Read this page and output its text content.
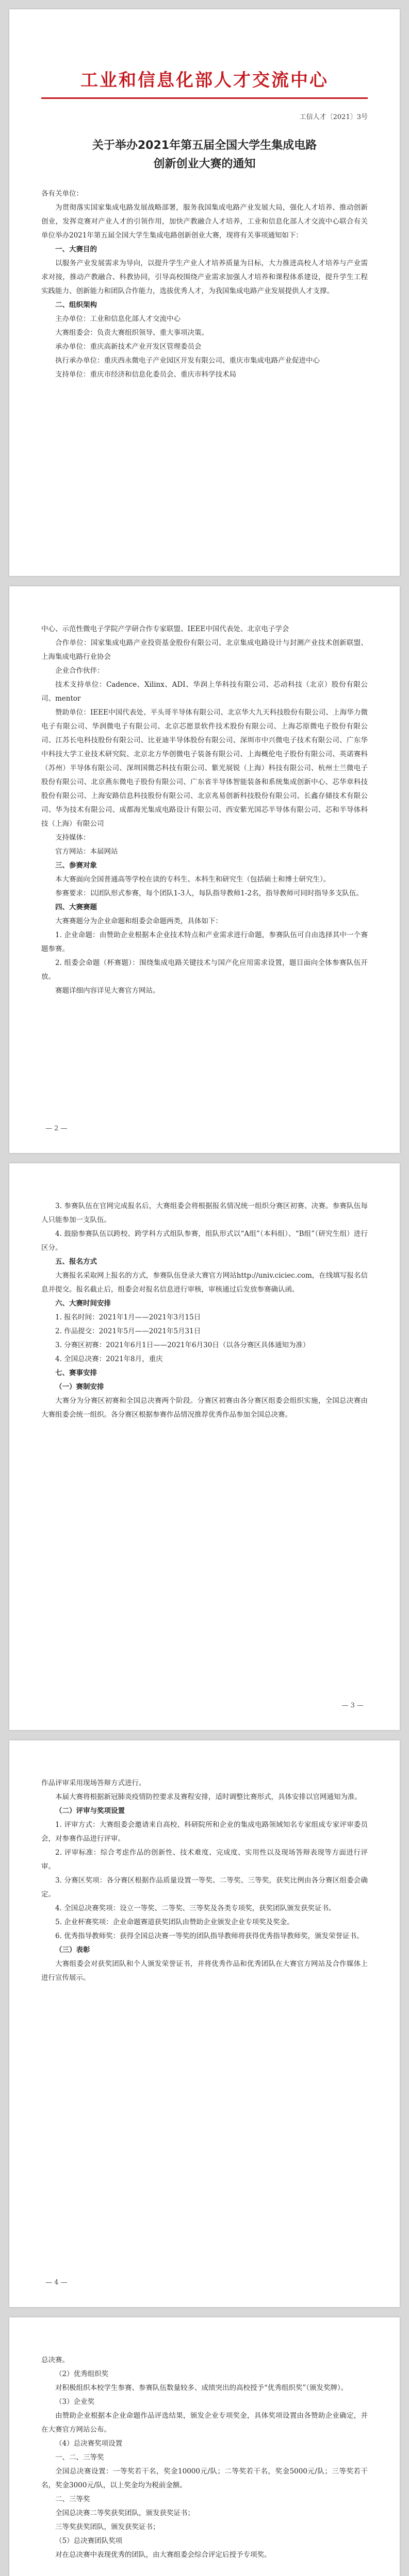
工业和信息化部人才交流中心
工信人才〔2021〕3号
关于举办2021年第五届全国大学生集成电路
创新创业大赛的通知

各有关单位：

为贯彻落实国家集成电路发展战略部署，服务我国集成电路产业发展大局，强化人才培养、推动创新创业，发挥竞赛对产业人才的引领作用，加快产教融合人才培养，工业和信息化部人才交流中心联合有关单位举办2021年第五届全国大学生集成电路创新创业大赛，现将有关事项通知如下：

一、大赛目的

以服务产业发展需求为导向，以提升学生产业人才培养质量为目标，大力推进高校人才培养与产业需求对接，推动产教融合、科教协同，引导高校围绕产业需求加强人才培养和课程体系建设，提升学生工程实践能力、创新能力和团队合作能力，选拔优秀人才，为我国集成电路产业发展提供人才支撑。

二、组织架构

主办单位：工业和信息化部人才交流中心

大赛组委会：负责大赛组织领导、重大事项决策。

承办单位：重庆高新技术产业开发区管理委员会

执行承办单位：重庆西永微电子产业园区开发有限公司、重庆市集成电路产业促进中心

支持单位：重庆市经济和信息化委员会、重庆市科学技术局

中心、示范性微电子学院产学研合作专家联盟、IEEE中国代表处、北京电子学会

合作单位：国家集成电路产业投资基金股份有限公司、北京集成电路设计与封测产业技术创新联盟、上海集成电路行业协会

企业合作伙伴：

技术支持单位：Cadence、Xilinx、ADI、华润上华科技有限公司、芯动科技（北京）股份有限公司、mentor

赞助单位：IEEE中国代表处、平头哥半导体有限公司、北京华大九天科技股份有限公司、上海华力微电子有限公司、华润微电子有限公司、北京芯愿景软件技术股份有限公司、上海芯原微电子股份有限公司、江苏长电科技股份有限公司、比亚迪半导体股份有限公司、深圳市中兴微电子技术有限公司、广东华中科技大学工业技术研究院、北京北方华创微电子装备有限公司、上海概伦电子股份有限公司、英诺赛科（苏州）半导体有限公司、深圳国微芯科技有限公司、紫光展锐（上海）科技有限公司、杭州士兰微电子股份有限公司、北京燕东微电子股份有限公司、广东省半导体智能装备和系统集成创新中心、芯华章科技股份有限公司、上海安路信息科技股份有限公司、北京兆易创新科技股份有限公司、长鑫存储技术有限公司、华为技术有限公司、成都海光集成电路设计有限公司、西安紫光国芯半导体有限公司、芯和半导体科技（上海）有限公司

支持媒体：

官方网站：本届网站

三、参赛对象

本大赛面向全国普通高等学校在读的专科生、本科生和研究生（包括硕士和博士研究生）。

参赛要求：以团队形式参赛，每个团队1-3人，每队指导教师1-2名，指导教师可同时指导多支队伍。

四、大赛赛题

大赛赛题分为企业命题和组委会命题两类，具体如下：

1. 企业命题：由赞助企业根据本企业技术特点和产业需求进行命题，参赛队伍可自由选择其中一个赛题参赛。

2. 组委会命题（杯赛题）：围绕集成电路关键技术与国产化应用需求设置，题目面向全体参赛队伍开放。

赛题详细内容详见大赛官方网站。

— 2 —

3. 参赛队伍在官网完成报名后，大赛组委会将根据报名情况统一组织分赛区初赛、决赛。参赛队伍每人只能参加一支队伍。

4. 鼓励参赛队伍以跨校、跨学科方式组队参赛，组队形式以“A组”（本科组）、“B组”（研究生组）进行区分。

五、报名方式

大赛报名采取网上报名的方式，参赛队伍登录大赛官方网站http://univ.ciciec.com，在线填写报名信息并提交。报名截止后，组委会对报名信息进行审核，审核通过后发放参赛确认函。

六、大赛时间安排

1. 报名时间：2021年1月——2021年3月15日

2. 作品提交：2021年5月——2021年5月31日

3. 分赛区初赛：2021年6月1日——2021年6月30日（以各分赛区具体通知为准）

4. 全国总决赛：2021年8月，重庆

七、赛事安排

（一）赛制安排

大赛分为分赛区初赛和全国总决赛两个阶段。分赛区初赛由各分赛区组委会组织实施，全国总决赛由大赛组委会统一组织。各分赛区根据参赛作品情况推荐优秀作品参加全国总决赛。

— 3 —

作品评审采用现场答辩方式进行。

本届大赛将根据新冠肺炎疫情防控要求及赛程安排，适时调整比赛形式，具体安排以官网通知为准。

（二）评审与奖项设置

1. 评审方式：大赛组委会邀请来自高校、科研院所和企业的集成电路领域知名专家组成专家评审委员会，对参赛作品进行评审。

2. 评审标准：综合考虑作品的创新性、技术难度、完成度、实用性以及现场答辩表现等方面进行评审。

3. 分赛区奖项：各分赛区根据作品质量设置一等奖、二等奖、三等奖，获奖比例由各分赛区组委会确定。

4. 全国总决赛奖项：设立一等奖、二等奖、三等奖及各类专项奖，获奖团队颁发获奖证书。

5. 企业杯赛奖项：企业命题赛道获奖团队由赞助企业颁发企业专项奖及奖金。

6. 优秀指导教师奖：获得全国总决赛一等奖的团队指导教师将获得优秀指导教师奖，颁发荣誉证书。

（三）表彰

大赛组委会对获奖团队和个人颁发荣誉证书，并将优秀作品和优秀团队在大赛官方网站及合作媒体上进行宣传展示。

— 4 —

总决赛。

（2）优秀组织奖

对积极组织本校学生参赛、参赛队伍数量较多、成绩突出的高校授予“优秀组织奖”（颁发奖牌）。

（3）企业奖

由赞助企业根据本企业命题作品评选结果，颁发企业专项奖金，具体奖项设置由各赞助企业确定，并在大赛官方网站公布。

（4）总决赛奖项设置

一、二、三等奖

全国总决赛设置：一等奖若干名，奖金10000元/队；二等奖若干名，奖金5000元/队；三等奖若干名，奖金3000元/队，以上奖金均为税前金额。

二、三等奖

全国总决赛二等奖获奖团队，颁发获奖证书；

三等奖获奖团队，颁发获奖证书；

（5）总决赛团队奖项

对在总决赛中表现优秀的团队，由大赛组委会综合评定后授予专项奖。
